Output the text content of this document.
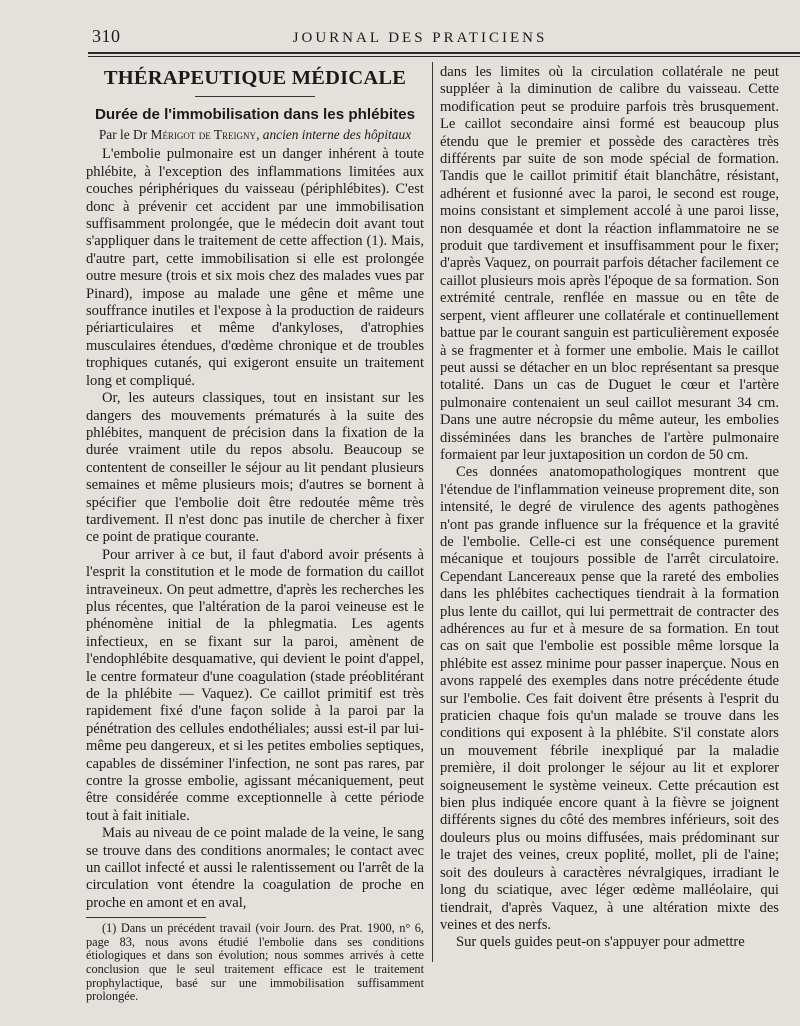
310	JOURNAL DES PRATICIENS
THÉRAPEUTIQUE MÉDICALE
Durée de l'immobilisation dans les phlébites
Par le Dr Mérigot de Treigny, ancien interne des hôpitaux

L'embolie pulmonaire est un danger inhérent à toute phlébite, à l'exception des inflammations limitées aux couches périphériques du vaisseau (périphlébites). C'est donc à prévenir cet accident par une immobilisation suffisamment prolongée, que le médecin doit avant tout s'appliquer dans le traitement de cette affection (1). Mais, d'autre part, cette immobilisation si elle est prolongée outre mesure (trois et six mois chez des malades vues par Pinard), impose au malade une gêne et même une souffrance inutiles et l'expose à la production de raideurs périarticulaires et même d'ankyloses, d'atrophies musculaires étendues, d'œdème chronique et de troubles trophiques cutanés, qui exigeront ensuite un traitement long et compliqué.

Or, les auteurs classiques, tout en insistant sur les dangers des mouvements prématurés à la suite des phlébites, manquent de précision dans la fixation de la durée vraiment utile du repos absolu. Beaucoup se contentent de conseiller le séjour au lit pendant plusieurs semaines et même plusieurs mois; d'autres se bornent à spécifier que l'embolie doit être redoutée même très tardivement. Il n'est donc pas inutile de chercher à fixer ce point de pratique courante.

Pour arriver à ce but, il faut d'abord avoir présents à l'esprit la constitution et le mode de formation du caillot intraveineux. On peut admettre, d'après les recherches les plus récentes, que l'altération de la paroi veineuse est le phénomène initial de la phlegmatia. Les agents infectieux, en se fixant sur la paroi, amènent de l'endophlébite desquamative, qui devient le point d'appel, le centre formateur d'une coagulation (stade préoblitérant de la phlébite — Vaquez). Ce caillot primitif est très rapidement fixé d'une façon solide à la paroi par la pénétration des cellules endothéliales; aussi est-il par lui-même peu dangereux, et si les petites embolies septiques, capables de disséminer l'infection, ne sont pas rares, par contre la grosse embolie, agissant mécaniquement, peut être considérée comme exceptionnelle à cette période tout à fait initiale.

Mais au niveau de ce point malade de la veine, le sang se trouve dans des conditions anormales; le contact avec un caillot infecté et aussi le ralentissement ou l'arrêt de la circulation vont étendre la coagulation de proche en proche en amont et en aval,

(1) Dans un précédent travail (voir Journ. des Prat. 1900, n° 6, page 83, nous avons étudié l'embolie dans ses conditions étiologiques et dans son évolution; nous sommes arrivés à cette conclusion que le seul traitement efficace est le traitement prophylactique, basé sur une immobilisation suffisamment prolongée.

dans les limites où la circulation collatérale ne peut suppléer à la diminution de calibre du vaisseau. Cette modification peut se produire parfois très brusquement. Le caillot secondaire ainsi formé est beaucoup plus étendu que le premier et possède des caractères très différents par suite de son mode spécial de formation. Tandis que le caillot primitif était blanchâtre, résistant, adhérent et fusionné avec la paroi, le second est rouge, moins consistant et simplement accolé à une paroi lisse, non desquamée et dont la réaction inflammatoire ne se produit que tardivement et insuffisamment pour le fixer; d'après Vaquez, on pourrait parfois détacher facilement ce caillot plusieurs mois après l'époque de sa formation. Son extrémité centrale, renflée en massue ou en tête de serpent, vient affleurer une collatérale et continuellement battue par le courant sanguin est particulièrement exposée à se fragmenter et à former une embolie. Mais le caillot peut aussi se détacher en un bloc représentant sa presque totalité. Dans un cas de Duguet le cœur et l'artère pulmonaire contenaient un seul caillot mesurant 34 cm. Dans une autre nécropsie du même auteur, les embolies disséminées dans les branches de l'artère pulmonaire formaient par leur juxtaposition un cordon de 50 cm.

Ces données anatomopathologiques montrent que l'étendue de l'inflammation veineuse proprement dite, son intensité, le degré de virulence des agents pathogènes n'ont pas grande influence sur la fréquence et la gravité de l'embolie. Celle-ci est une conséquence purement mécanique et toujours possible de l'arrêt circulatoire. Cependant Lancereaux pense que la rareté des embolies dans les phlébites cachectiques tiendrait à la formation plus lente du caillot, qui lui permettrait de contracter des adhérences au fur et à mesure de sa formation. En tout cas on sait que l'embolie est possible même lorsque la phlébite est assez minime pour passer inaperçue. Nous en avons rappelé des exemples dans notre précédente étude sur l'embolie. Ces fait doivent être présents à l'esprit du praticien chaque fois qu'un malade se trouve dans les conditions qui exposent à la phlébite. S'il constate alors un mouvement fébrile inexpliqué par la maladie première, il doit prolonger le séjour au lit et explorer soigneusement le système veineux. Cette précaution est bien plus indiquée encore quant à la fièvre se joignent différents signes du côté des membres inférieurs, soit des douleurs plus ou moins diffusées, mais prédominant sur le trajet des veines, creux poplité, mollet, pli de l'aine; soit des douleurs à caractères névralgiques, irradiant le long du sciatique, avec léger œdème malléolaire, qui tiendrait, d'après Vaquez, à une altération mixte des veines et des nerfs.

Sur quels guides peut-on s'appuyer pour admettre
